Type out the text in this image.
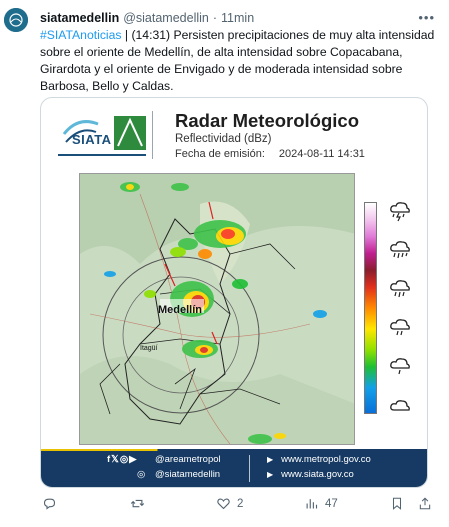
siatamedellin @siatamedellin · 11min	•••
#SIATAnoticias | (14:31) Persisten precipitaciones de muy alta intensidad sobre el oriente de Medellín, de alta intensidad sobre Copacabana, Girardota y el oriente de Envigado y de moderada intensidad sobre Barbosa, Bello y Caldas.
SIATA
Radar Meteorológico
Reflectividad (dBz)
Fecha de emisión: 2024-08-11 14:31
Medellín
Itagüí
f𝕏◎▶ @areametropol
◎ @siatamedellin
▶ www.metropol.gov.co
▶ www.siata.gov.co
2	47
